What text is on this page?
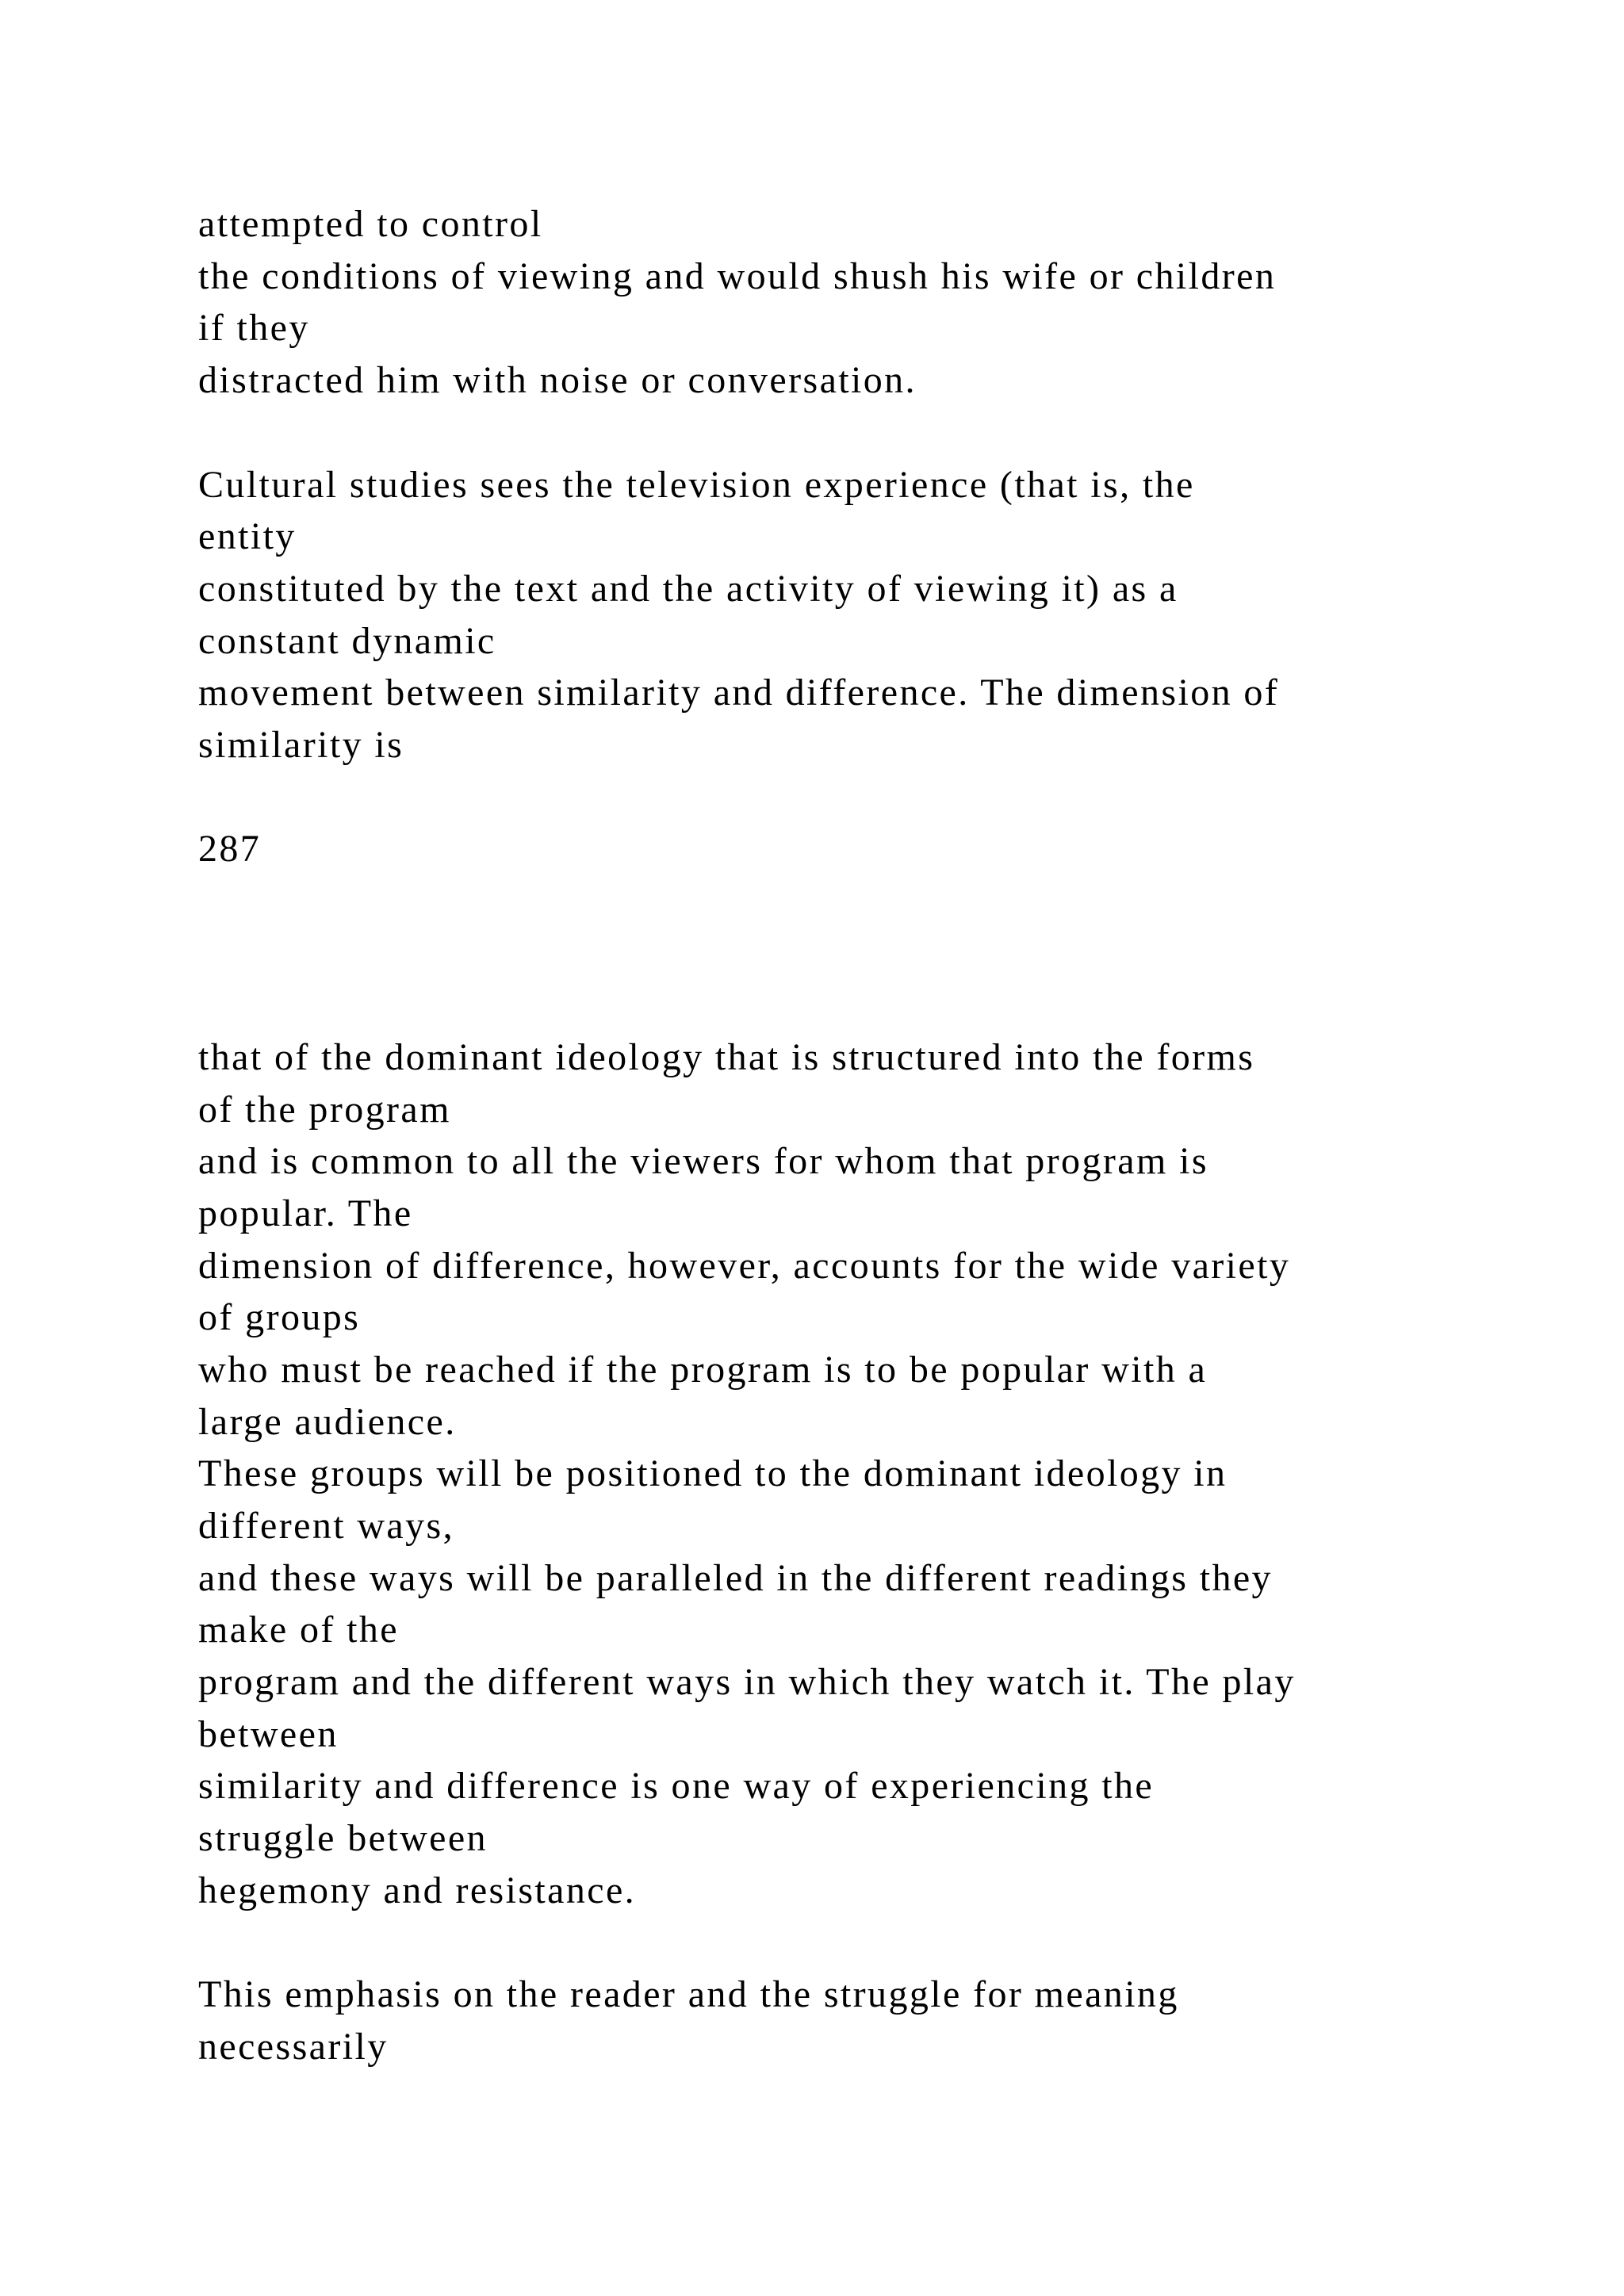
attempted to control
the conditions of viewing and would shush his wife or children
if they
distracted him with noise or conversation.
Cultural studies sees the television experience (that is, the
entity
constituted by the text and the activity of viewing it) as a
constant dynamic
movement between similarity and difference. The dimension of
similarity is
287
that of the dominant ideology that is structured into the forms
of the program
and is common to all the viewers for whom that program is
popular. The
dimension of difference, however, accounts for the wide variety
of groups
who must be reached if the program is to be popular with a
large audience.
These groups will be positioned to the dominant ideology in
different ways,
and these ways will be paralleled in the different readings they
make of the
program and the different ways in which they watch it. The play
between
similarity and difference is one way of experiencing the
struggle between
hegemony and resistance.
This emphasis on the reader and the struggle for meaning
necessarily
